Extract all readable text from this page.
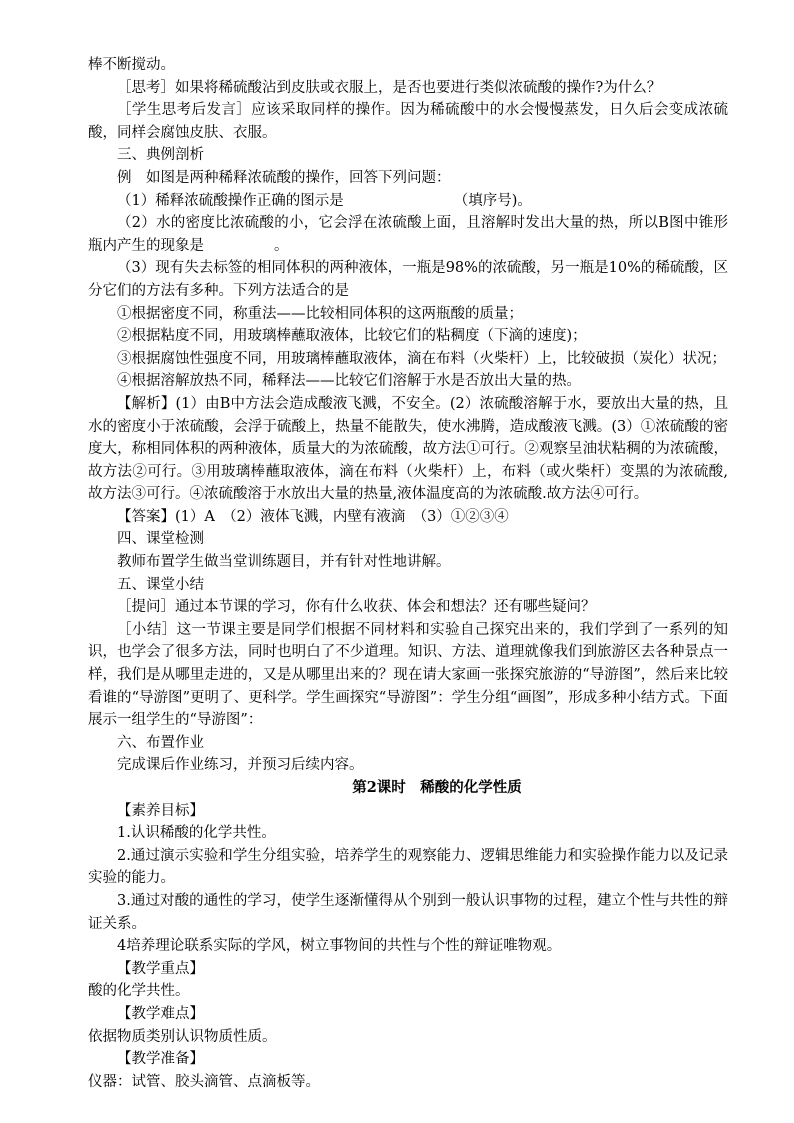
棒不断搅动。

［思考］如果将稀硫酸沾到皮肤或衣服上，是否也要进行类似浓硫酸的操作?为什么？

［学生思考后发言］应该采取同样的操作。因为稀硫酸中的水会慢慢蒸发，日久后会变成浓硫酸，同样会腐蚀皮肤、衣服。

三、典例剖析

例　如图是两种稀释浓硫酸的操作，回答下列问题：

（1）稀释浓硫酸操作正确的图示是	（填序号)。

（2）水的密度比浓硫酸的小，它会浮在浓硫酸上面，且溶解时发出大量的热，所以B图中锥形瓶内产生的现象是	。

（3）现有失去标签的相同体积的两种液体，一瓶是98%的浓硫酸，另一瓶是10%的稀硫酸，区分它们的方法有多种。下列方法适合的是

①根据密度不同，称重法——比较相同体积的这两瓶酸的质量；

②根据粘度不同，用玻璃棒蘸取液体，比较它们的粘稠度（下滴的速度)；

③根据腐蚀性强度不同，用玻璃棒蘸取液体，滴在布料（火柴杆）上，比较破损（炭化）状况；

④根据溶解放热不同，稀释法——比较它们溶解于水是否放出大量的热。

【解析】(1）由B中方法会造成酸液飞溅，不安全。(2）浓硫酸溶解于水，要放出大量的热，且水的密度小于浓硫酸，会浮于硫酸上，热量不能散失，使水沸腾，造成酸液飞溅。(3）①浓硫酸的密度大，称相同体积的两种液体，质量大的为浓硫酸，故方法①可行。②观察呈油状粘稠的为浓硫酸，故方法②可行。③用玻璃棒蘸取液体，滴在布料（火柴杆）上，布料（或火柴杆）变黑的为浓硫酸,故方法③可行。④浓硫酸溶于水放出大量的热量,液体温度高的为浓硫酸.故方法④可行。

【答案】(1）A　（2）液体飞溅，内壁有液滴　（3）①②③④

四、课堂检测

教师布置学生做当堂训练题目，并有针对性地讲解。

五、课堂小结

［提问］通过本节课的学习，你有什么收获、体会和想法？还有哪些疑问？

［小结］这一节课主要是同学们根据不同材料和实验自己探究出来的，我们学到了一系列的知识，也学会了很多方法，同时也明白了不少道理。知识、方法、道理就像我们到旅游区去各种景点一样，我们是从哪里走进的，又是从哪里出来的？现在请大家画一张探究旅游的“导游图”，然后来比较看谁的“导游图”更明了、更科学。学生画探究“导游图”：学生分组“画图”，形成多种小结方式。下面展示一组学生的“导游图”：

六、布置作业

完成课后作业练习，并预习后续内容。

第2课时　稀酸的化学性质

【素养目标】

1.认识稀酸的化学共性。

2.通过演示实验和学生分组实验，培养学生的观察能力、逻辑思维能力和实验操作能力以及记录实验的能力。

3.通过对酸的通性的学习，使学生逐渐懂得从个别到一般认识事物的过程，建立个性与共性的辩证关系。

4培养理论联系实际的学风，树立事物间的共性与个性的辩证唯物观。

【教学重点】

酸的化学共性。

【教学难点】

依据物质类别认识物质性质。

【教学准备】

仪器：试管、胶头滴管、点滴板等。
